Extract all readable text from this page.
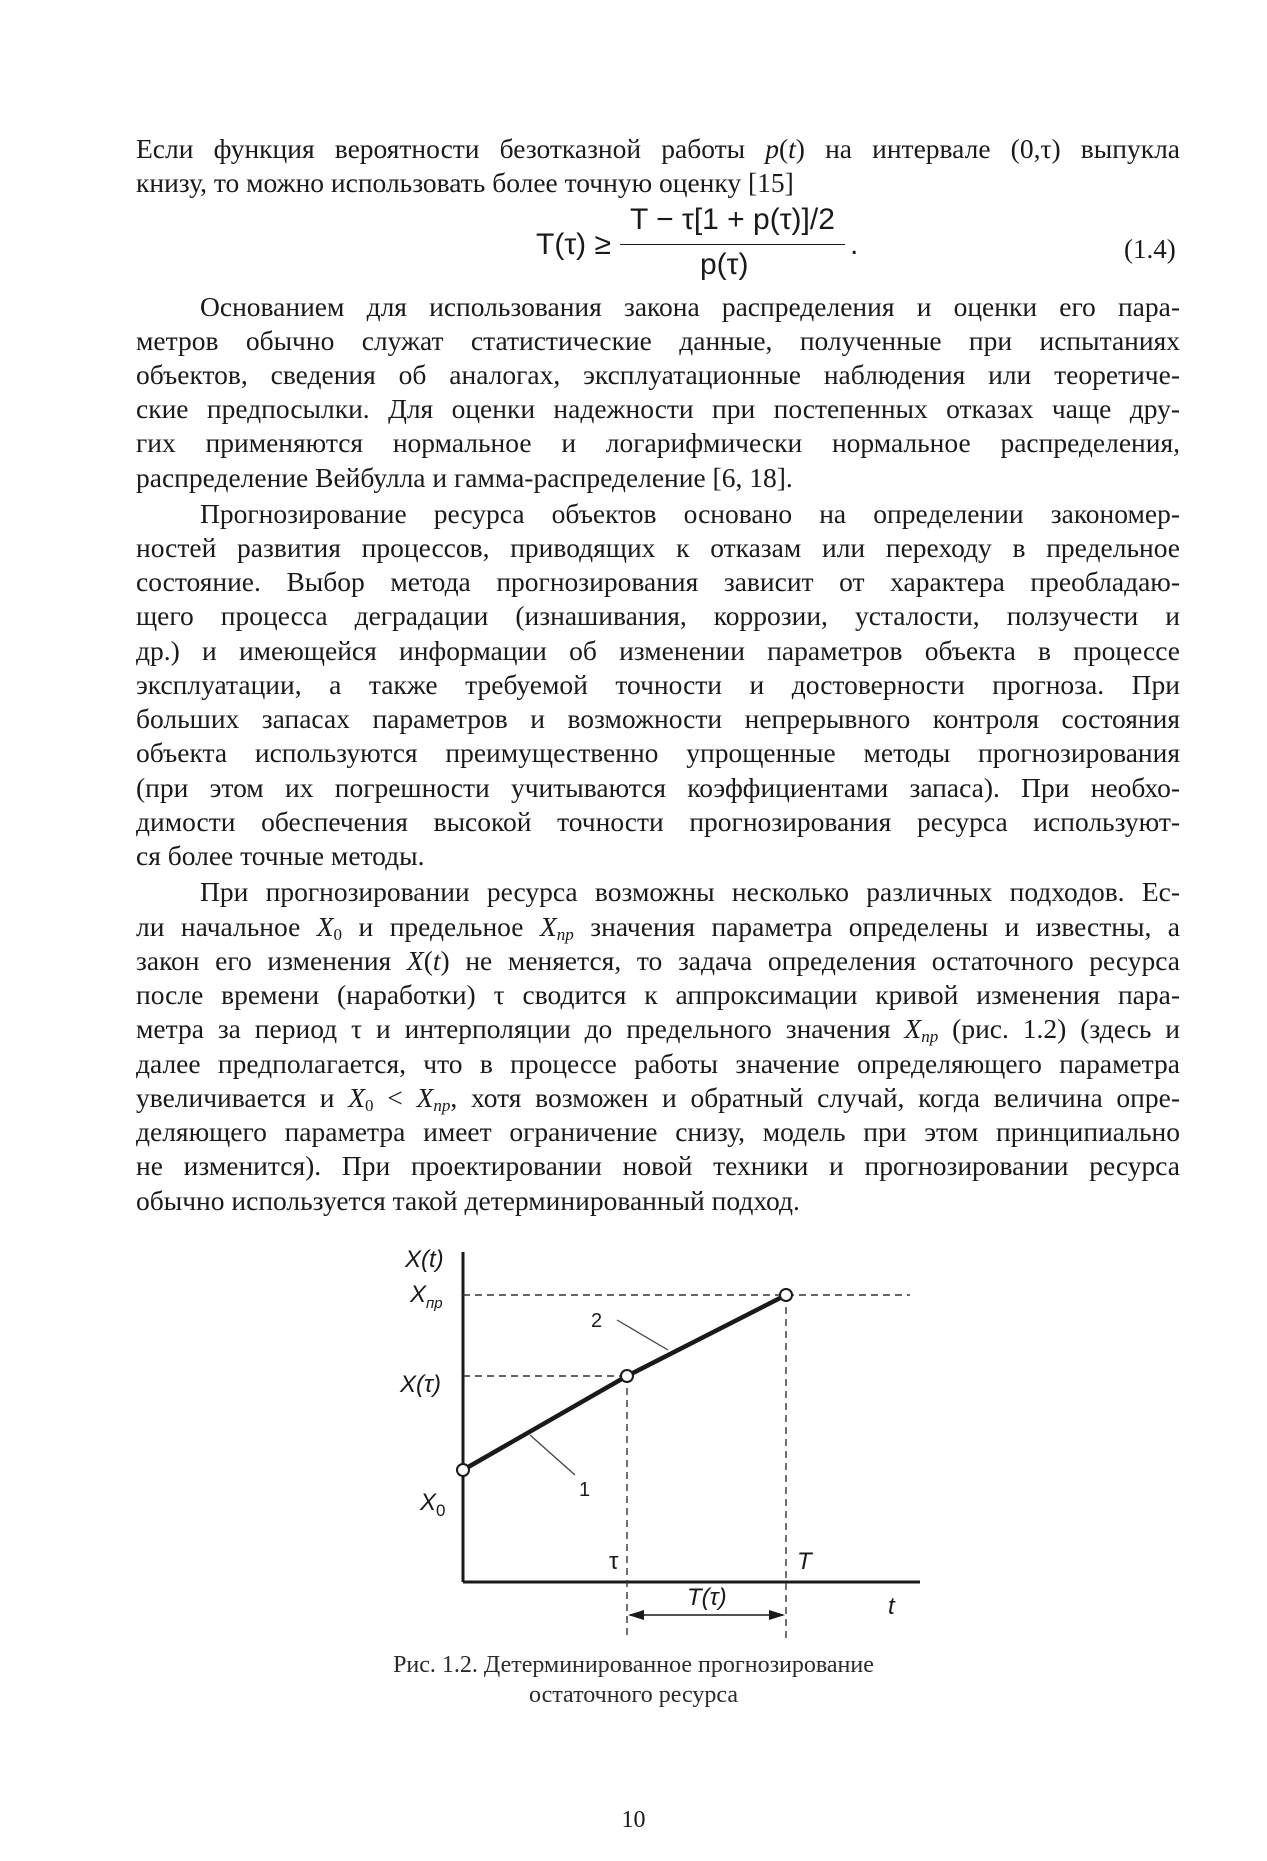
Если функция вероятности безотказной работы p(t) на интервале (0,τ) выпукла
книзу, то можно использовать более точную оценку [15]
T(τ) ≥
T − τ[1 + p(τ)]/2
p(τ)
.	(1.4)
Основанием для использования закона распределения и оценки его пара-
метров обычно служат статистические данные, полученные при испытаниях
объектов, сведения об аналогах, эксплуатационные наблюдения или теоретиче-
ские предпосылки. Для оценки надежности при постепенных отказах чаще дру-
гих применяются нормальное и логарифмически нормальное распределения,
распределение Вейбулла и гамма-распределение [6, 18].
Прогнозирование ресурса объектов основано на определении закономер-
ностей развития процессов, приводящих к отказам или переходу в предельное
состояние. Выбор метода прогнозирования зависит от характера преобладаю-
щего процесса деградации (изнашивания, коррозии, усталости, ползучести и
др.) и имеющейся информации об изменении параметров объекта в процессе
эксплуатации, а также требуемой точности и достоверности прогноза. При
больших запасах параметров и возможности непрерывного контроля состояния
объекта используются преимущественно упрощенные методы прогнозирования
(при этом их погрешности учитываются коэффициентами запаса). При необхо-
димости обеспечения высокой точности прогнозирования ресурса используют-
ся более точные методы.
При прогнозировании ресурса возможны несколько различных подходов. Ес-
ли начальное X0 и предельное Xпр значения параметра определены и известны, а
закон его изменения X(t) не меняется, то задача определения остаточного ресурса
после времени (наработки) τ сводится к аппроксимации кривой изменения пара-
метра за период τ и интерполяции до предельного значения Xпр (рис. 1.2) (здесь и
далее предполагается, что в процессе работы значение определяющего параметра
увеличивается и X0 < Xпр, хотя возможен и обратный случай, когда величина опре-
деляющего параметра имеет ограничение снизу, модель при этом принципиально
не изменится). При проектировании новой техники и прогнозировании ресурса
обычно используется такой детерминированный подход.
X(t)
$X_{пр}$
X(τ)
$X_0$
τ	T
T(τ)	t
2
1
Рис. 1.2. Детерминированное прогнозирование
остаточного ресурса
10
